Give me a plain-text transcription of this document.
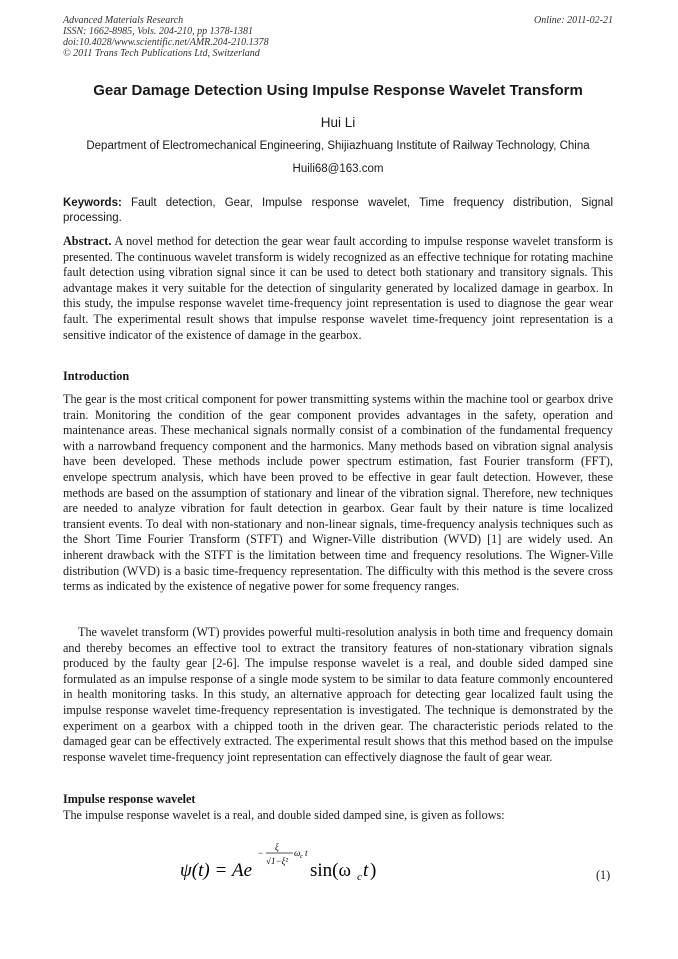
Advanced Materials Research
ISSN: 1662-8985, Vols. 204-210, pp 1378-1381
doi:10.4028/www.scientific.net/AMR.204-210.1378
© 2011 Trans Tech Publications Ltd, Switzerland
Online: 2011-02-21
Gear Damage Detection Using Impulse Response Wavelet Transform
Hui Li
Department of Electromechanical Engineering, Shijiazhuang Institute of Railway Technology, China
Huili68@163.com
Keywords: Fault detection, Gear, Impulse response wavelet, Time frequency distribution, Signal processing.
Abstract. A novel method for detection the gear wear fault according to impulse response wavelet transform is presented. The continuous wavelet transform is widely recognized as an effective technique for rotating machine fault detection using vibration signal since it can be used to detect both stationary and transitory signals. This advantage makes it very suitable for the detection of singularity generated by localized damage in gearbox. In this study, the impulse response wavelet time-frequency joint representation is used to diagnose the gear wear fault. The experimental result shows that impulse response wavelet time-frequency joint representation is a sensitive indicator of the existence of damage in the gearbox.
Introduction
The gear is the most critical component for power transmitting systems within the machine tool or gearbox drive train. Monitoring the condition of the gear component provides advantages in the safety, operation and maintenance areas. These mechanical signals normally consist of a combination of the fundamental frequency with a narrowband frequency component and the harmonics. Many methods based on vibration signal analysis have been developed. These methods include power spectrum estimation, fast Fourier transform (FFT), envelope spectrum analysis, which have been proved to be effective in gear fault detection. However, these methods are based on the assumption of stationary and linear of the vibration signal. Therefore, new techniques are needed to analyze vibration for fault detection in gearbox. Gear fault by their nature is time localized transient events. To deal with non-stationary and non-linear signals, time-frequency analysis techniques such as the Short Time Fourier Transform (STFT) and Wigner-Ville distribution (WVD) [1] are widely used. An inherent drawback with the STFT is the limitation between time and frequency resolutions. The Wigner-Ville distribution (WVD) is a basic time-frequency representation. The difficulty with this method is the severe cross terms as indicated by the existence of negative power for some frequency ranges.
The wavelet transform (WT) provides powerful multi-resolution analysis in both time and frequency domain and thereby becomes an effective tool to extract the transitory features of non-stationary vibration signals produced by the faulty gear [2-6]. The impulse response wavelet is a real, and double sided damped sine formulated as an impulse response of a single mode system to be similar to data feature commonly encountered in health monitoring tasks. In this study, an alternative approach for detecting gear localized fault using the impulse response wavelet time-frequency representation is investigated. The technique is demonstrated by the experiment on a gearbox with a chipped tooth in the driven gear. The characteristic periods related to the damaged gear can be effectively extracted. The experimental result shows that this method based on the impulse response wavelet time-frequency joint representation can effectively diagnose the fault of gear wear.
Impulse response wavelet
The impulse response wavelet is a real, and double sided damped sine, is given as follows:
ψ(t) = Ae
−
ξ
√1−ξ²
ω c t
sin(ω c t )	(1)
